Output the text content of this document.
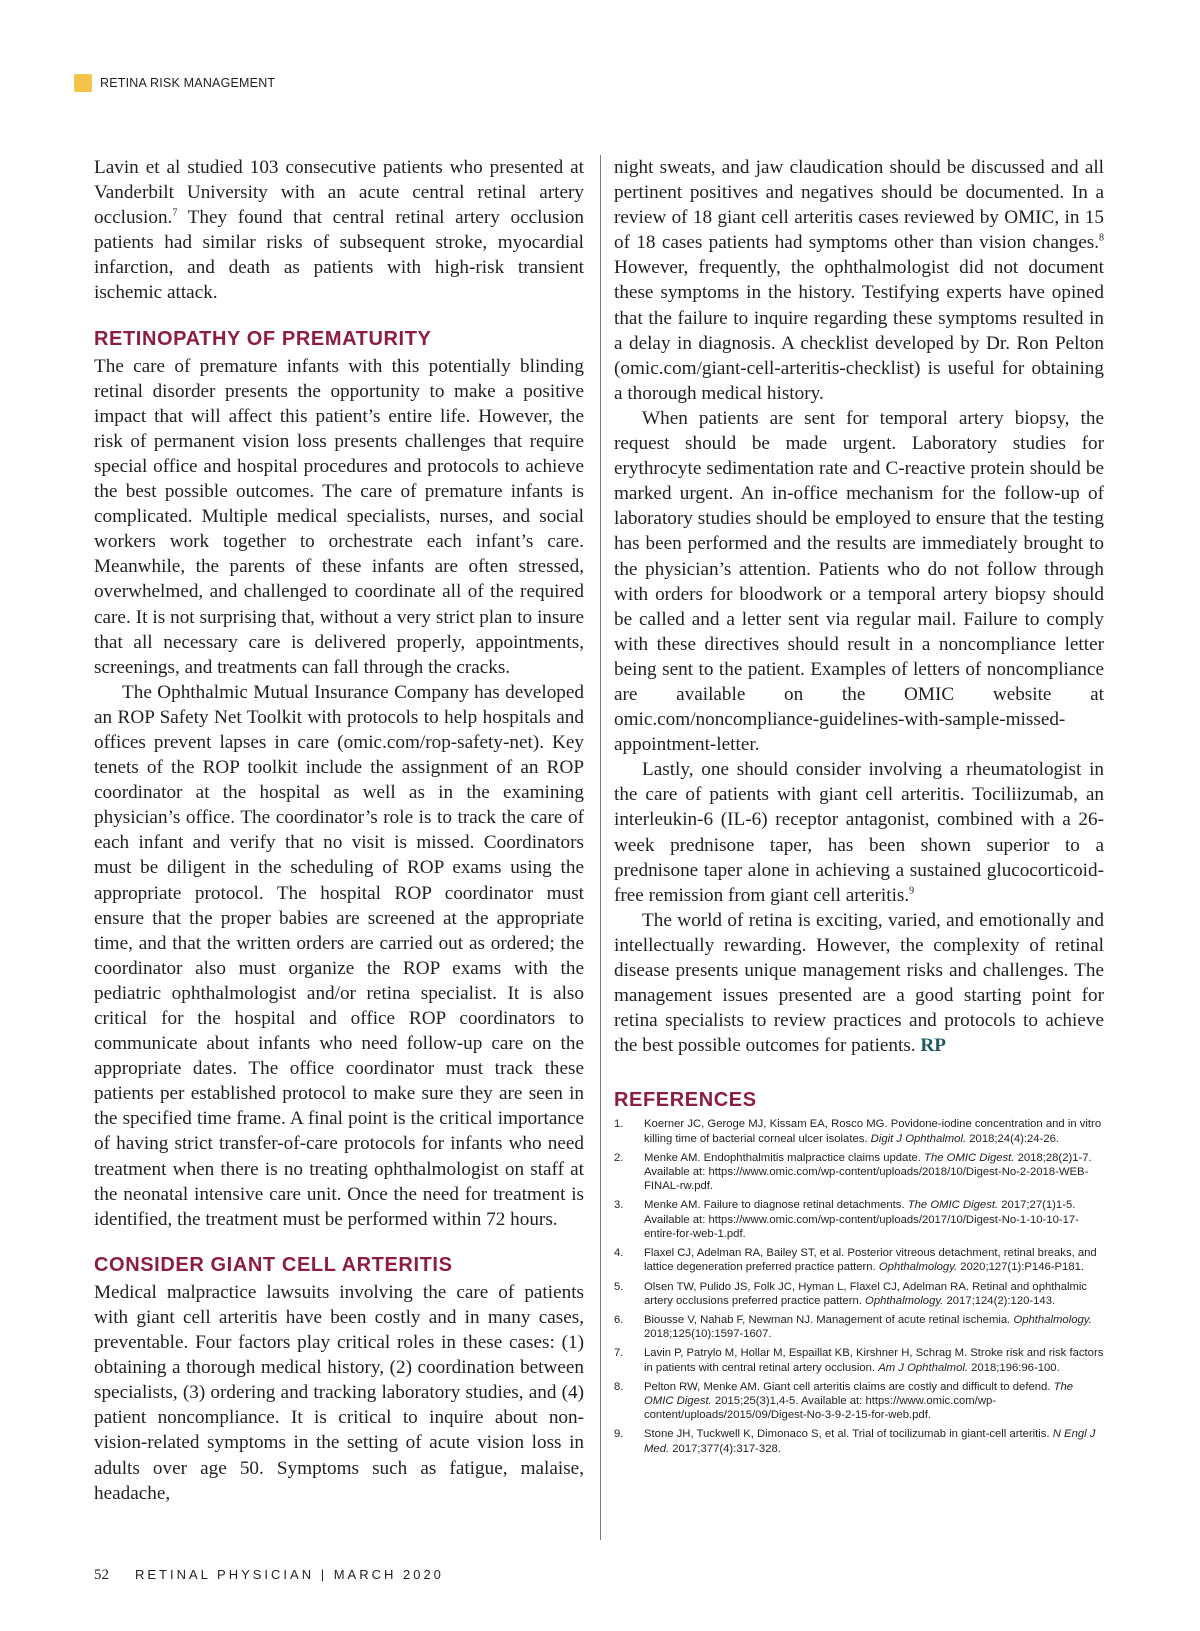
RETINA RISK MANAGEMENT

Lavin et al studied 103 consecutive patients who presented at Vanderbilt University with an acute central retinal artery occlusion.$^7$ They found that central retinal artery occlusion patients had similar risks of subsequent stroke, myocardial infarction, and death as patients with high-risk transient ischemic attack.

RETINOPATHY OF PREMATURITY

The care of premature infants with this potentially blinding retinal disorder presents the opportunity to make a positive impact that will affect this patient’s entire life. However, the risk of permanent vision loss presents challenges that require special office and hospital procedures and protocols to achieve the best possible outcomes. The care of premature infants is complicated. Multiple medical specialists, nurses, and social workers work together to orchestrate each infant’s care. Meanwhile, the parents of these infants are often stressed, overwhelmed, and challenged to coordinate all of the required care. It is not surprising that, without a very strict plan to insure that all necessary care is delivered properly, appointments, screenings, and treatments can fall through the cracks.

The Ophthalmic Mutual Insurance Company has developed an ROP Safety Net Toolkit with protocols to help hospitals and offices prevent lapses in care (omic.com/rop-safety-net). Key tenets of the ROP toolkit include the assignment of an ROP coordinator at the hospital as well as in the examining physician’s office. The coordinator’s role is to track the care of each infant and verify that no visit is missed. Coordinators must be diligent in the scheduling of ROP exams using the appropriate protocol. The hospital ROP coordinator must ensure that the proper babies are screened at the appropriate time, and that the written orders are carried out as ordered; the coordinator also must organize the ROP exams with the pediatric ophthalmologist and/or retina specialist. It is also critical for the hospital and office ROP coordinators to communicate about infants who need follow-up care on the appropriate dates. The office coordinator must track these patients per established protocol to make sure they are seen in the specified time frame. A final point is the critical importance of having strict transfer-of-care protocols for infants who need treatment when there is no treating ophthalmologist on staff at the neonatal intensive care unit. Once the need for treatment is identified, the treatment must be performed within 72 hours.

CONSIDER GIANT CELL ARTERITIS

Medical malpractice lawsuits involving the care of patients with giant cell arteritis have been costly and in many cases, preventable. Four factors play critical roles in these cases: (1) obtaining a thorough medical history, (2) coordination between specialists, (3) ordering and tracking laboratory studies, and (4) patient noncompliance. It is critical to inquire about non-vision-related symptoms in the setting of acute vision loss in adults over age 50. Symptoms such as fatigue, malaise, headache,

night sweats, and jaw claudication should be discussed and all pertinent positives and negatives should be documented. In a review of 18 giant cell arteritis cases reviewed by OMIC, in 15 of 18 cases patients had symptoms other than vision changes.$^8$ However, frequently, the ophthalmologist did not document these symptoms in the history. Testifying experts have opined that the failure to inquire regarding these symptoms resulted in a delay in diagnosis. A checklist developed by Dr. Ron Pelton (omic.com/giant-cell-arteritis-checklist) is useful for obtaining a thorough medical history.

When patients are sent for temporal artery biopsy, the request should be made urgent. Laboratory studies for erythrocyte sedimentation rate and C-reactive protein should be marked urgent. An in-office mechanism for the follow-up of laboratory studies should be employed to ensure that the testing has been performed and the results are immediately brought to the physician’s attention. Patients who do not follow through with orders for bloodwork or a temporal artery biopsy should be called and a letter sent via regular mail. Failure to comply with these directives should result in a noncompliance letter being sent to the patient. Examples of letters of noncompliance are available on the OMIC website at omic.com/noncompliance-guidelines-with-sample-missed-appointment-letter.

Lastly, one should consider involving a rheumatologist in the care of patients with giant cell arteritis. Tociliizumab, an interleukin-6 (IL-6) receptor antagonist, combined with a 26-week prednisone taper, has been shown superior to a prednisone taper alone in achieving a sustained glucocorticoid-free remission from giant cell arteritis.$^9$

The world of retina is exciting, varied, and emotionally and intellectually rewarding. However, the complexity of retinal disease presents unique management risks and challenges. The management issues presented are a good starting point for retina specialists to review practices and protocols to achieve the best possible outcomes for patients. RP

REFERENCES
1.	Koerner JC, Geroge MJ, Kissam EA, Rosco MG. Povidone-iodine concentration and in vitro killing time of bacterial corneal ulcer isolates. Digit J Ophthalmol. 2018;24(4):24-26.
2.	Menke AM. Endophthalmitis malpractice claims update. The OMIC Digest. 2018;28(2)1-7. Available at: https://www.omic.com/wp-content/uploads/2018/10/Digest-No-2-2018-WEB-FINAL-rw.pdf.
3.	Menke AM. Failure to diagnose retinal detachments. The OMIC Digest. 2017;27(1)1-5. Available at: https://www.omic.com/wp-content/uploads/2017/10/Digest-No-1-10-10-17-entire-for-web-1.pdf.
4.	Flaxel CJ, Adelman RA, Bailey ST, et al. Posterior vitreous detachment, retinal breaks, and lattice degeneration preferred practice pattern. Ophthalmology. 2020;127(1):P146-P181.
5.	Olsen TW, Pulido JS, Folk JC, Hyman L, Flaxel CJ, Adelman RA. Retinal and ophthalmic artery occlusions preferred practice pattern. Ophthalmology. 2017;124(2):120-143.
6.	Biousse V, Nahab F, Newman NJ. Management of acute retinal ischemia. Ophthalmology. 2018;125(10):1597-1607.
7.	Lavin P, Patrylo M, Hollar M, Espaillat KB, Kirshner H, Schrag M. Stroke risk and risk factors in patients with central retinal artery occlusion. Am J Ophthalmol. 2018;196:96-100.
8.	Pelton RW, Menke AM. Giant cell arteritis claims are costly and difficult to defend. The OMIC Digest. 2015;25(3)1,4-5. Available at: https://www.omic.com/wp-content/uploads/2015/09/Digest-No-3-9-2-15-for-web.pdf.
9.	Stone JH, Tuckwell K, Dimonaco S, et al. Trial of tocilizumab in giant-cell arteritis. N Engl J Med. 2017;377(4):317-328.
52 RETINAL PHYSICIAN | MARCH 2020
